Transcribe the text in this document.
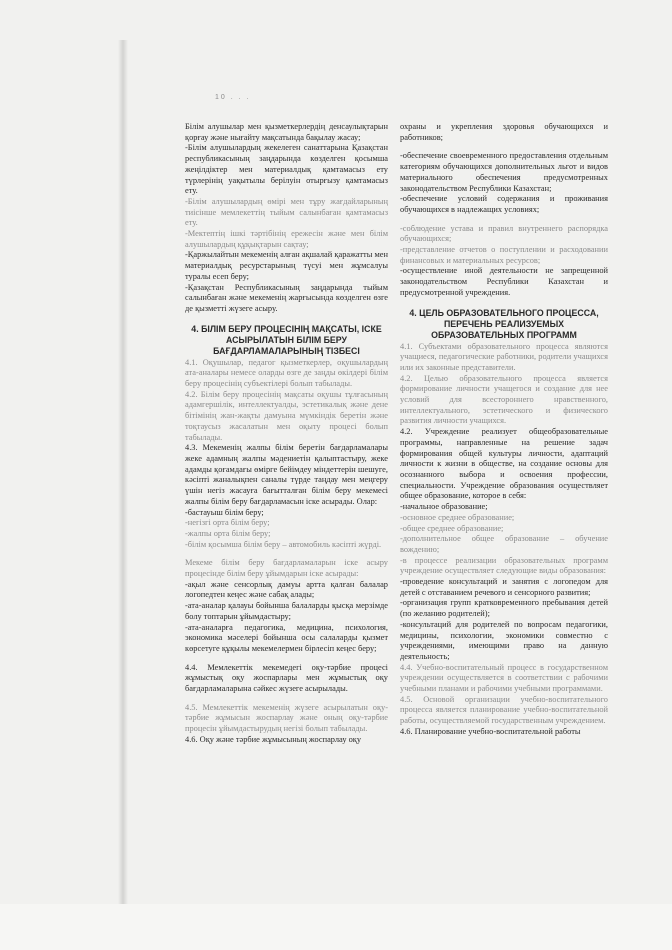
10 . . .

Білім алушылар мен қызметкерлердің денсаулықтарын қорғау және нығайту мақсатында бақылау жасау;

-Білім алушылардың жекелеген санаттарына Қазақстан республикасының заңдарында көзделген қосымша жеңілдіктер мен материалдық қамтамасыз ету түрлерінің уақытылы берілуін отырғызу қамтамасыз ету.

-Білім алушылардың өмірі мен тұру жағдайларының тиісінше мемлекеттің тыйым салынбаған қамтамасыз ету.

-Мектептің ішкі тәртібінің ережесін және мен білім алушылардың құқықтарын сақтау;

-Қаржылайтын мекеменің алған ақшалай қаражатты мен материалдық ресурстарының түсуі мен жұмсалуы туралы есеп беру;

-Қазақстан Республикасының заңдарында тыйым салынбаған және мекеменің жарғысында көзделген өзге де қызметті жүзеге асыру.

4. БІЛІМ БЕРУ ПРОЦЕСІНІҢ МАҚСАТЫ, ІСКЕ АСЫРЫЛАТЫН БІЛІМ БЕРУ БАҒДАРЛАМАЛАРЫНЫҢ ТІЗБЕСІ

4.1. Оқушылар, педагог қызметкерлер, оқушылардың ата-аналары немесе оларды өзге де заңды өкілдері білім беру процесінің субъектілері болып табылады.

4.2. Білім беру процесінің мақсаты оқушы тұлғасының адамгершілік, интеллектуалды, эстетикалық және дене бітімінің жан-жақты дамуына мүмкіндік беретін және тоқтаусыз жасалатын мен оқыту процесі болып табылады.

4.3. Мекеменің жалпы білім беретін бағдарламалары жеке адамның жалпы мәдениетін қалыптастыру, жеке адамды қоғамдағы өмірге бейімдеу міндеттерін шешуге, кәсіпті жаналықпен саналы түрде таңдау мен меңгеру үшін негіз жасауға бағытталған білім беру мекемесі жалпы білім беру бағдарламасын іске асырады. Олар:

-бастауыш білім беру;

-негізгі орта білім беру;

-жалпы орта білім беру;

-білім қосымша білім беру – автомобиль кәсіпті жүрді.

Мекеме білім беру бағдарламаларын іске асыру процесінде білім беру ұйымдарын іске асырады:

-ақыл және сенсорлық дамуы артта қалған балалар логопедтен кеңес және сабақ алады;

-ата-аналар қалауы бойынша балаларды қысқа мерзімде болу топтарын ұйымдастыру;

-ата-аналарға педагогика, медицина, психология, экономика мәселері бойынша осы салаларды қызмет көрсетуге құқылы мекемелермен бірлесіп кеңес беру;

4.4. Мемлекеттік мекемедегі оқу-тәрбие процесі жұмыстық оқу жоспарлары мен жұмыстық оқу бағдарламаларына сәйкес жүзеге асырылады.

4.5. Мемлекеттік мекеменің жүзеге асырылатын оқу-тәрбие жұмысын жоспарлау және оның оқу-тәрбие процесін ұйымдастырудың негізі болып табылады.

4.6. Оқу және тәрбие жұмысының жоспарлау оқу

охраны и укрепления здоровья обучающихся и работников;

-обеспечение своевременного предоставления отдельным категориям обучающихся дополнительных льгот и видов материального обеспечения предусмотренных законодательством Республики Казахстан;

-обеспечение условий содержания и проживания обучающихся в надлежащих условиях;

-соблюдение устава и правил внутреннего распорядка обучающихся;

-представление отчетов о поступлении и расходовании финансовых и материальных ресурсов;

-осуществление иной деятельности не запрещенной законодательством Республики Казахстан и предусмотренной учреждения.

4. ЦЕЛЬ ОБРАЗОВАТЕЛЬНОГО ПРОЦЕССА, ПЕРЕЧЕНЬ РЕАЛИЗУЕМЫХ ОБРАЗОВАТЕЛЬНЫХ ПРОГРАММ

4.1. Субъектами образовательного процесса являются учащиеся, педагогические работники, родители учащихся или их законные представители.

4.2. Целью образовательного процесса является формирование личности учащегося и создание для нее условий для всестороннего нравственного, интеллектуального, эстетического и физического развития личности учащихся.

4.2. Учреждение реализует общеобразовательные программы, направленные на решение задач формирования общей культуры личности, адаптаций личности к жизни в обществе, на создание основы для осознанного выбора и освоения профессии, специальности. Учреждение образования осуществляет общее образование, которое в себя:

-начальное образование;

-основное среднее образование;

-общее среднее образование;

-дополнительное общее образование – обучение вождению;

-в процессе реализации образовательных программ учреждение осуществляет следующие виды образования:

-проведение консультаций и занятия с логопедом для детей с отставанием речевого и сенсорного развития;

-организация групп кратковременного пребывания детей (по желанию родителей);

-консультаций для родителей по вопросам педагогики, медицины, психологии, экономики совместно с учреждениями, имеющими право на данную деятельность;

4.4. Учебно-воспитательный процесс в государственном учреждении осуществляется в соответствии с рабочими учебными планами и рабочими учебными программами.

4.5. Основой организации учебно-воспитательного процесса является планирование учебно-воспитательной работы, осуществляемой государственным учреждением.

4.6. Планирование учебно-воспитательной работы
